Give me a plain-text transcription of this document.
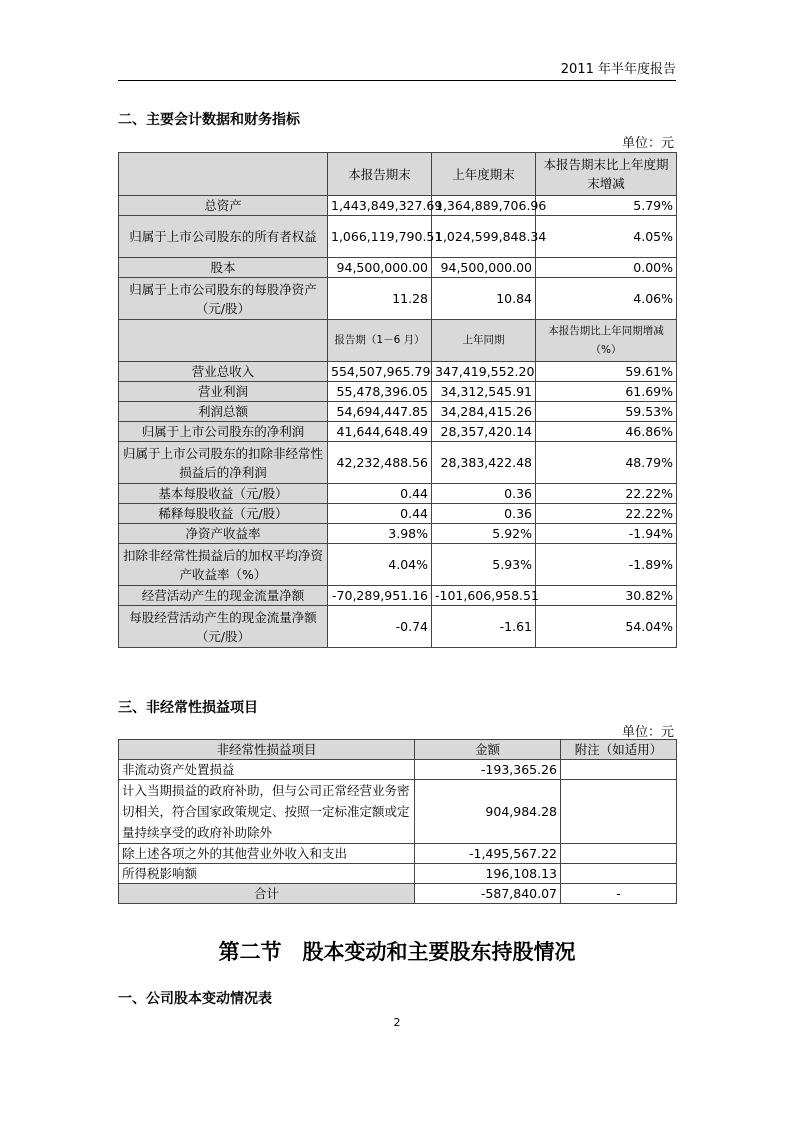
2011 年半年度报告
二、主要会计数据和财务指标
单位：元
	本报告期末	上年度期末	本报告期末比上年度期末增减
总资产	1,443,849,327.69	1,364,889,706.96	5.79%
归属于上市公司股东的所有者权益	1,066,119,790.51	1,024,599,848.34	4.05%
股本	94,500,000.00	94,500,000.00	0.00%
归属于上市公司股东的每股净资产（元/股）	11.28	10.84	4.06%
	报告期（1－6 月）	上年同期	本报告期比上年同期增减（%）
营业总收入	554,507,965.79	347,419,552.20	59.61%
营业利润	55,478,396.05	34,312,545.91	61.69%
利润总额	54,694,447.85	34,284,415.26	59.53%
归属于上市公司股东的净利润	41,644,648.49	28,357,420.14	46.86%
归属于上市公司股东的扣除非经常性损益后的净利润	42,232,488.56	28,383,422.48	48.79%
基本每股收益（元/股）	0.44	0.36	22.22%
稀释每股收益（元/股）	0.44	0.36	22.22%
净资产收益率	3.98%	5.92%	-1.94%
扣除非经常性损益后的加权平均净资产收益率（%）	4.04%	5.93%	-1.89%
经营活动产生的现金流量净额	-70,289,951.16	-101,606,958.51	30.82%
每股经营活动产生的现金流量净额（元/股）	-0.74	-1.61	54.04%
三、非经常性损益项目
单位：元
非经常性损益项目	金额	附注（如适用）
非流动资产处置损益	-193,365.26	
计入当期损益的政府补助，但与公司正常经营业务密切相关，符合国家政策规定、按照一定标准定额或定量持续享受的政府补助除外	904,984.28	
除上述各项之外的其他营业外收入和支出	-1,495,567.22	
所得税影响额	196,108.13	
合计	-587,840.07	-
第二节　股本变动和主要股东持股情况
一、公司股本变动情况表
2
